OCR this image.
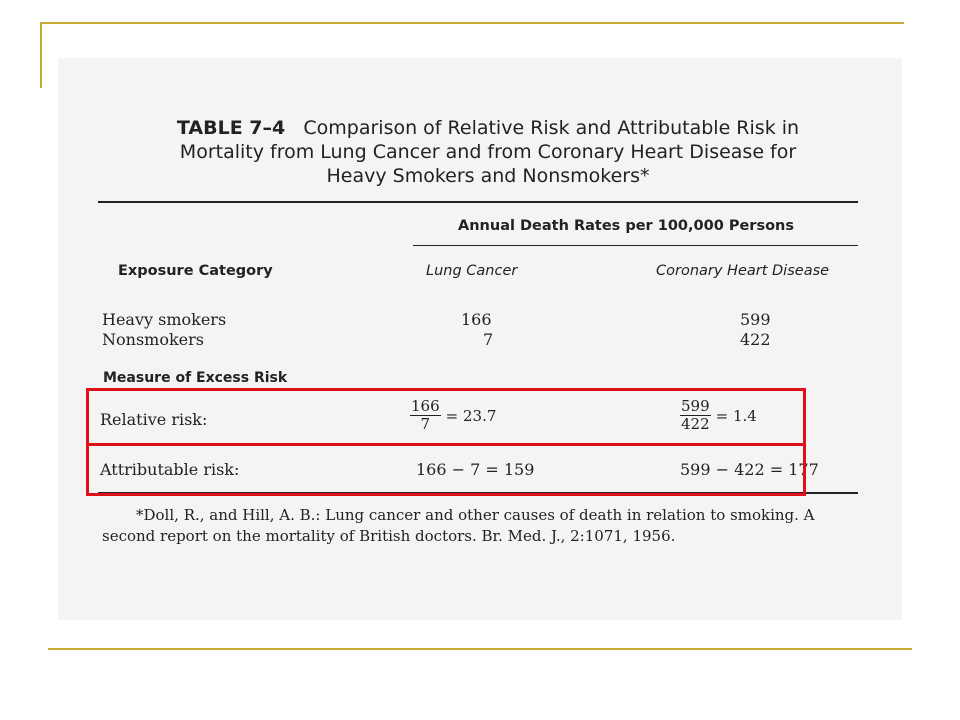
TABLE 7–4 Comparison of Relative Risk and Attributable Risk in Mortality from Lung Cancer and from Coronary Heart Disease for Heavy Smokers and Nonsmokers*
Annual Death Rates per 100,000 Persons
Exposure Category	Lung Cancer	Coronary Heart Disease
Heavy smokers	166	599
Nonsmokers	7	422
Measure of Excess Risk
Relative risk:	$\frac{166}{7} = 23.7$	$\frac{599}{422} = 1.4$
Attributable risk:	166 − 7 = 159	599 − 422 = 177
*Doll, R., and Hill, A. B.: Lung cancer and other causes of death in relation to smoking. A second report on the mortality of British doctors. Br. Med. J., 2:1071, 1956.
